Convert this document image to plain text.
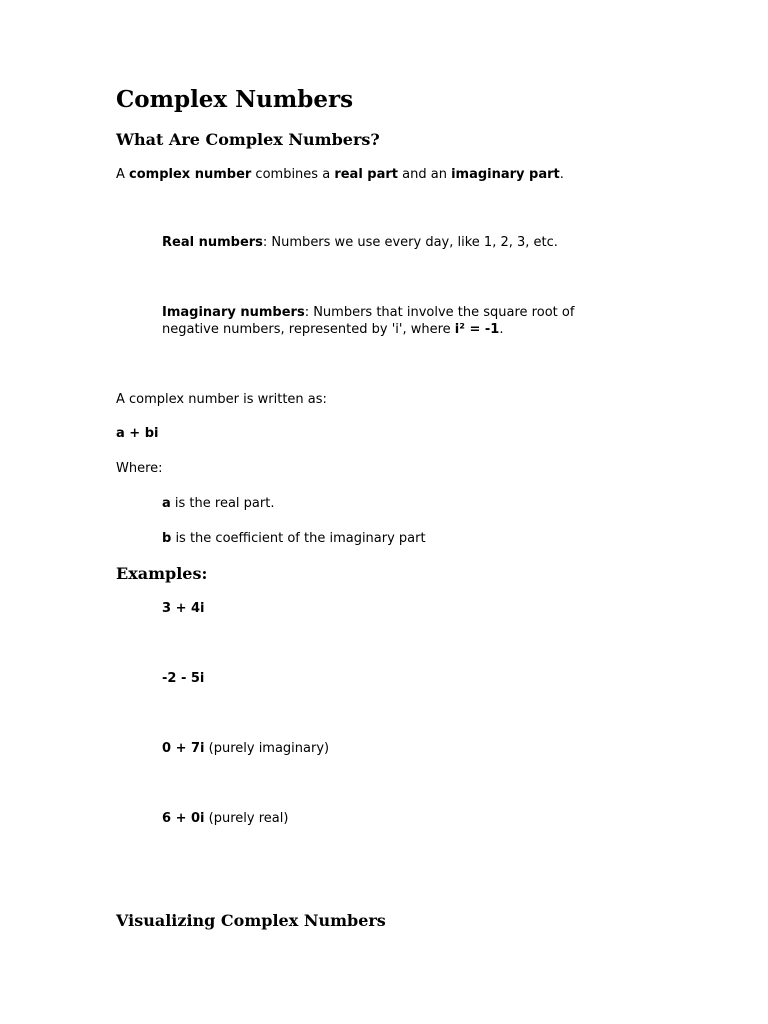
Complex Numbers
What Are Complex Numbers?
A complex number combines a real part and an imaginary part.
Real numbers: Numbers we use every day, like 1, 2, 3, etc.
Imaginary numbers: Numbers that involve the square root of negative numbers, represented by 'i', where i² = -1.
A complex number is written as:
a + bi
Where:
a is the real part.
b is the coefficient of the imaginary part
Examples:
3 + 4i
-2 - 5i
0 + 7i (purely imaginary)
6 + 0i (purely real)
Visualizing Complex Numbers
